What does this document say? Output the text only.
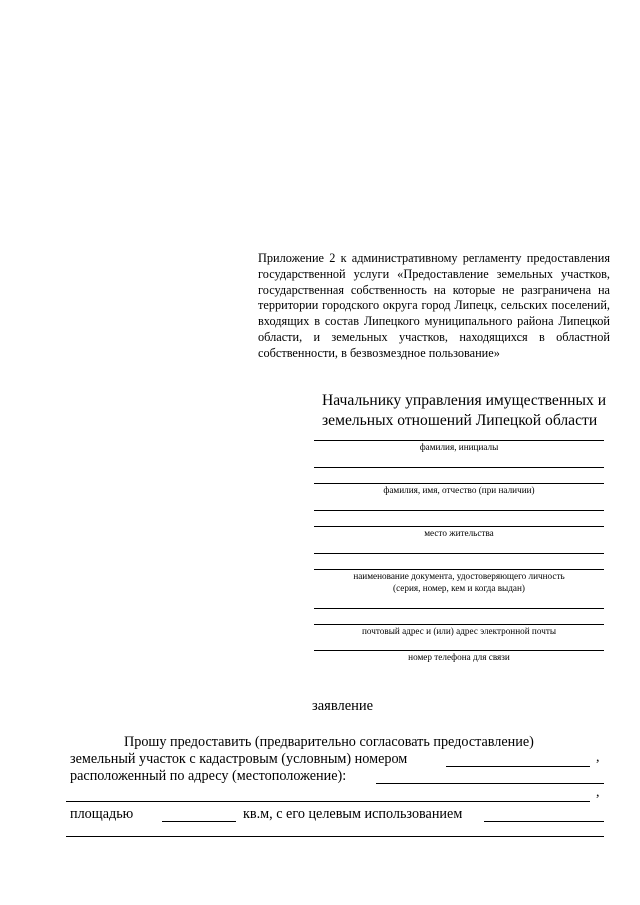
Приложение 2 к административному регламенту предоставления государственной услуги «Предоставление земельных участков, государственная собственность на которые не разграничена на территории городского округа город Липецк, сельских поселений, входящих в состав Липецкого муниципального района Липецкой области, и земельных участков, находящихся в областной собственности, в безвозмездное пользование»
Начальнику управления имущественных и
земельных отношений Липецкой области
фамилия, инициалы
фамилия, имя, отчество (при наличии)
место жительства
наименование документа, удостоверяющего личность
(серия, номер, кем и когда выдан)
почтовый адрес и (или) адрес электронной почты
номер телефона для связи
заявление
Прошу предоставить (предварительно согласовать предоставление)
земельный участок с кадастровым (условным) номером	,
расположенный по адресу (местоположение):
,
площадью	кв.м, с его целевым использованием
